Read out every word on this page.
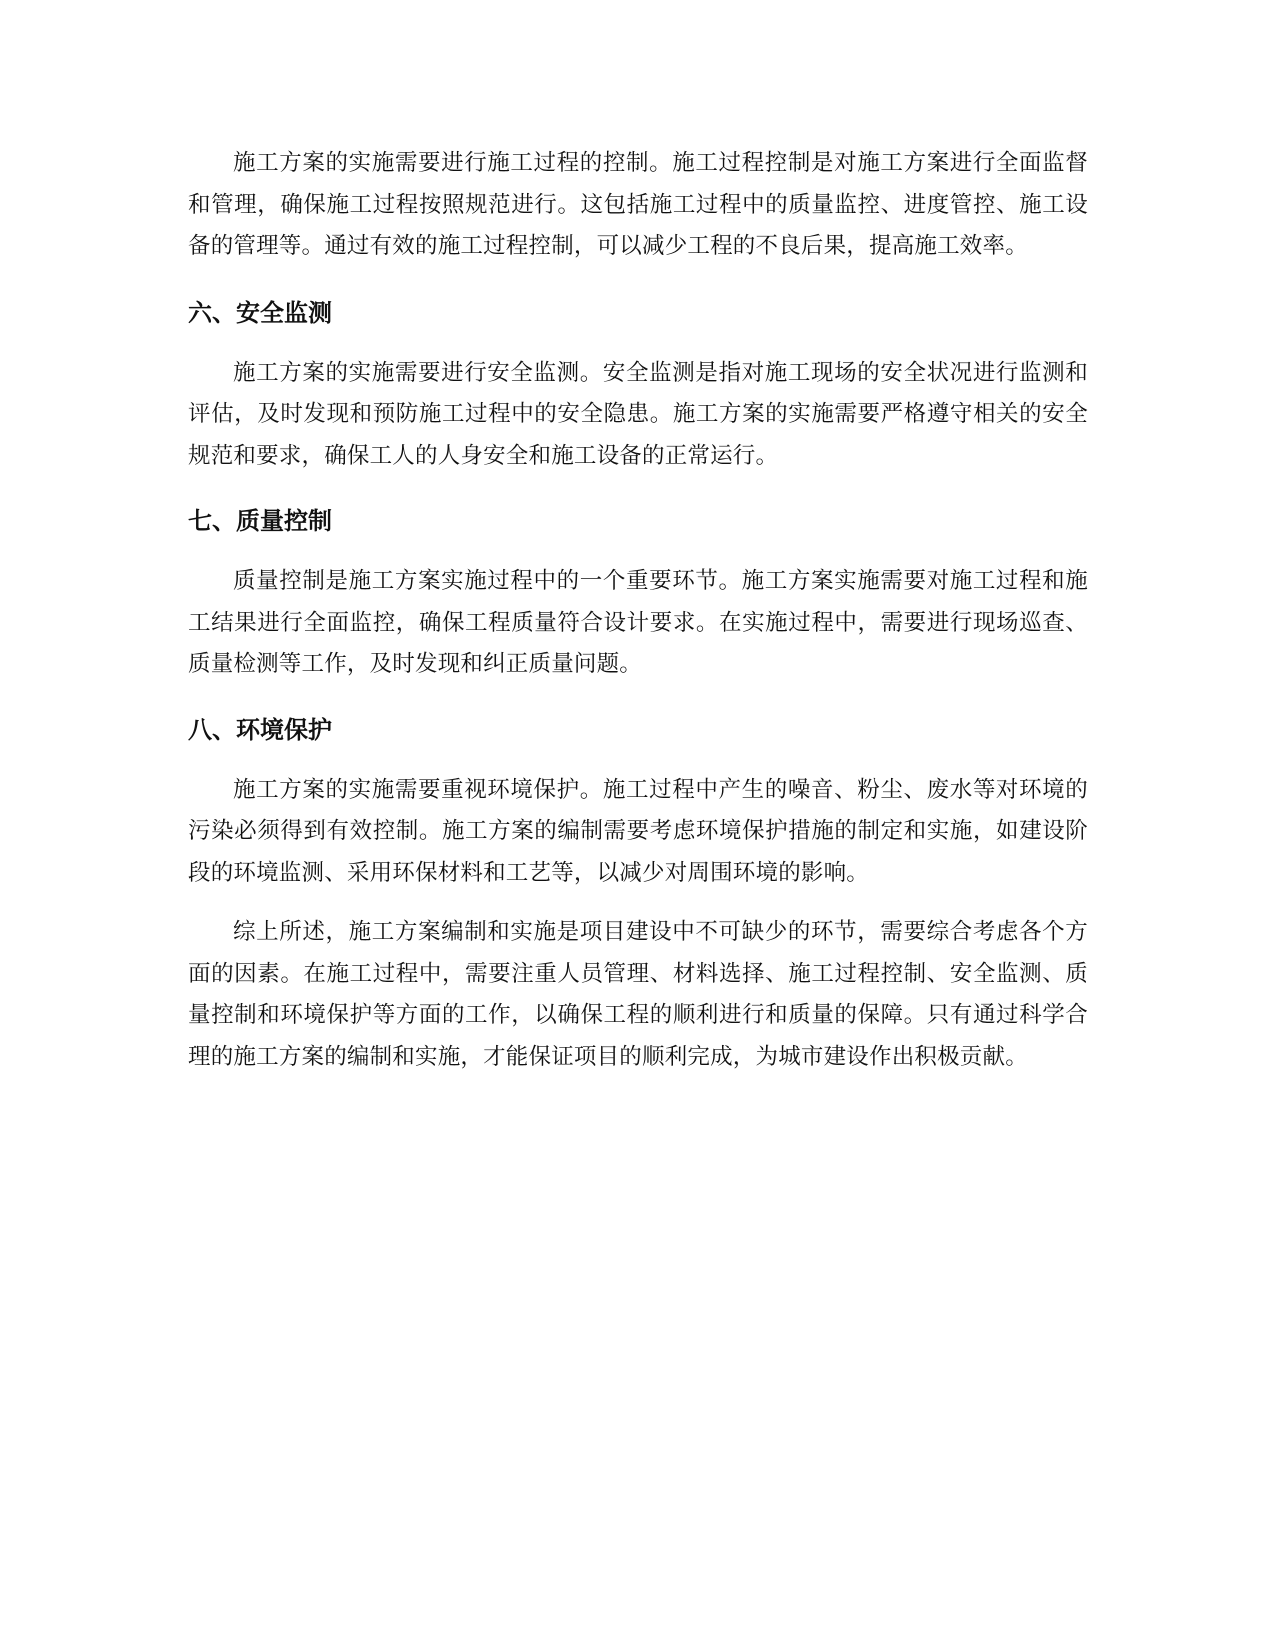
施工方案的实施需要进行施工过程的控制。施工过程控制是对施工方案进行全面监督和管理，确保施工过程按照规范进行。这包括施工过程中的质量监控、进度管控、施工设备的管理等。通过有效的施工过程控制，可以减少工程的不良后果，提高施工效率。

六、安全监测

施工方案的实施需要进行安全监测。安全监测是指对施工现场的安全状况进行监测和评估，及时发现和预防施工过程中的安全隐患。施工方案的实施需要严格遵守相关的安全规范和要求，确保工人的人身安全和施工设备的正常运行。

七、质量控制

质量控制是施工方案实施过程中的一个重要环节。施工方案实施需要对施工过程和施工结果进行全面监控，确保工程质量符合设计要求。在实施过程中，需要进行现场巡查、质量检测等工作，及时发现和纠正质量问题。

八、环境保护

施工方案的实施需要重视环境保护。施工过程中产生的噪音、粉尘、废水等对环境的污染必须得到有效控制。施工方案的编制需要考虑环境保护措施的制定和实施，如建设阶段的环境监测、采用环保材料和工艺等，以减少对周围环境的影响。

综上所述，施工方案编制和实施是项目建设中不可缺少的环节，需要综合考虑各个方面的因素。在施工过程中，需要注重人员管理、材料选择、施工过程控制、安全监测、质量控制和环境保护等方面的工作，以确保工程的顺利进行和质量的保障。只有通过科学合理的施工方案的编制和实施，才能保证项目的顺利完成，为城市建设作出积极贡献。
